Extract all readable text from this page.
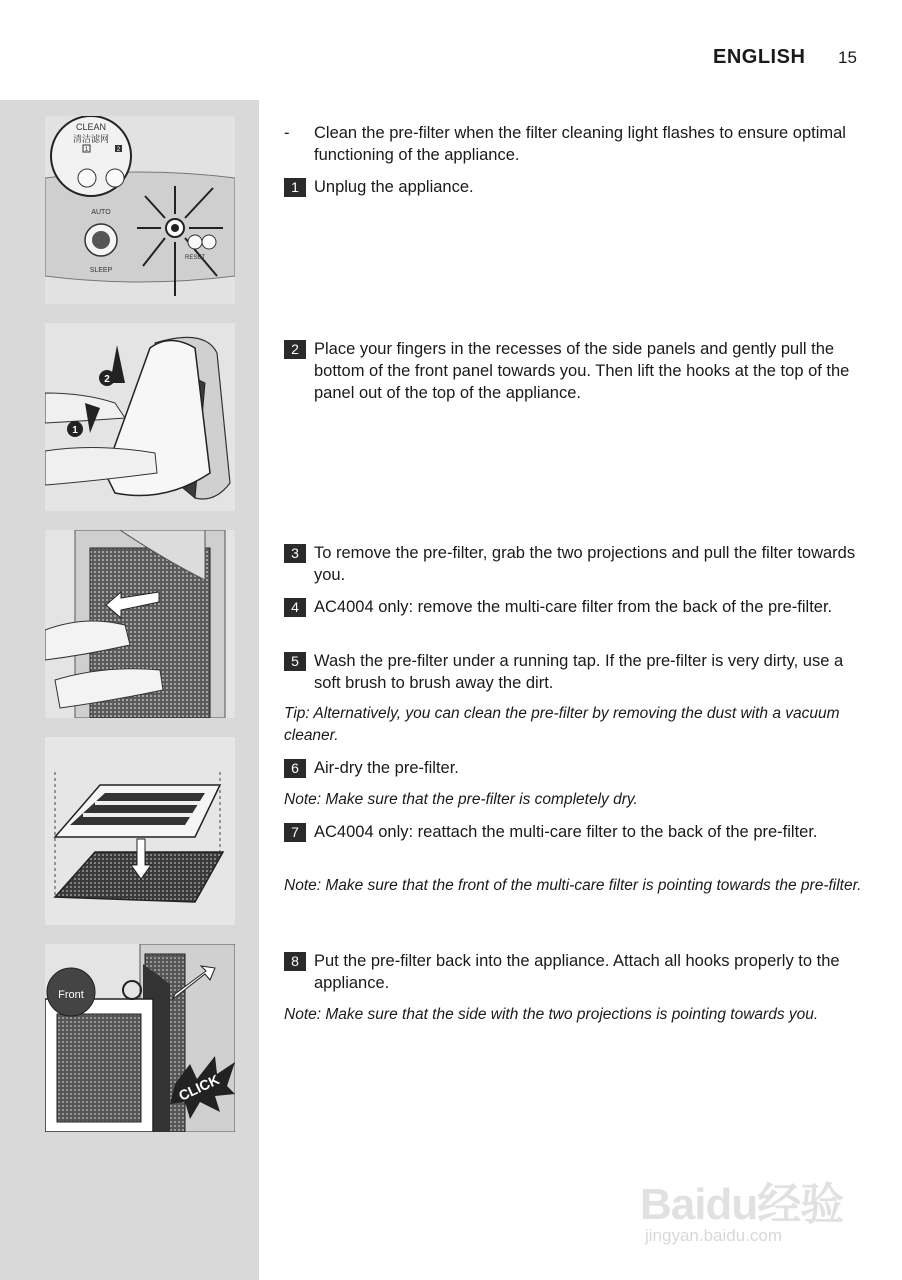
ENGLISH 15
CLEAN
清洁滤网
1	2
AUTO
SLEEP
RESET
2
1
Front
CLICK
- Clean the pre-filter when the filter cleaning light flashes to ensure optimal functioning of the appliance.
1 Unplug the appliance.
2 Place your fingers in the recesses of the side panels and gently pull the bottom of the front panel towards you. Then lift the hooks at the top of the panel out of the top of the appliance.
3 To remove the pre-filter, grab the two projections and pull the filter towards you.
4 AC4004 only: remove the multi-care filter from the back of the pre-filter.
5 Wash the pre-filter under a running tap. If the pre-filter is very dirty, use a soft brush to brush away the dirt.
Tip: Alternatively, you can clean the pre-filter by removing the dust with a vacuum cleaner.
6 Air-dry the pre-filter.
Note: Make sure that the pre-filter is completely dry.
7 AC4004 only: reattach the multi-care filter to the back of the pre-filter.
Note: Make sure that the front of the multi-care filter is pointing towards the pre-filter.
8 Put the pre-filter back into the appliance. Attach all hooks properly to the appliance.
Note: Make sure that the side with the two projections is pointing towards you.
Baidu经验
jingyan.baidu.com
